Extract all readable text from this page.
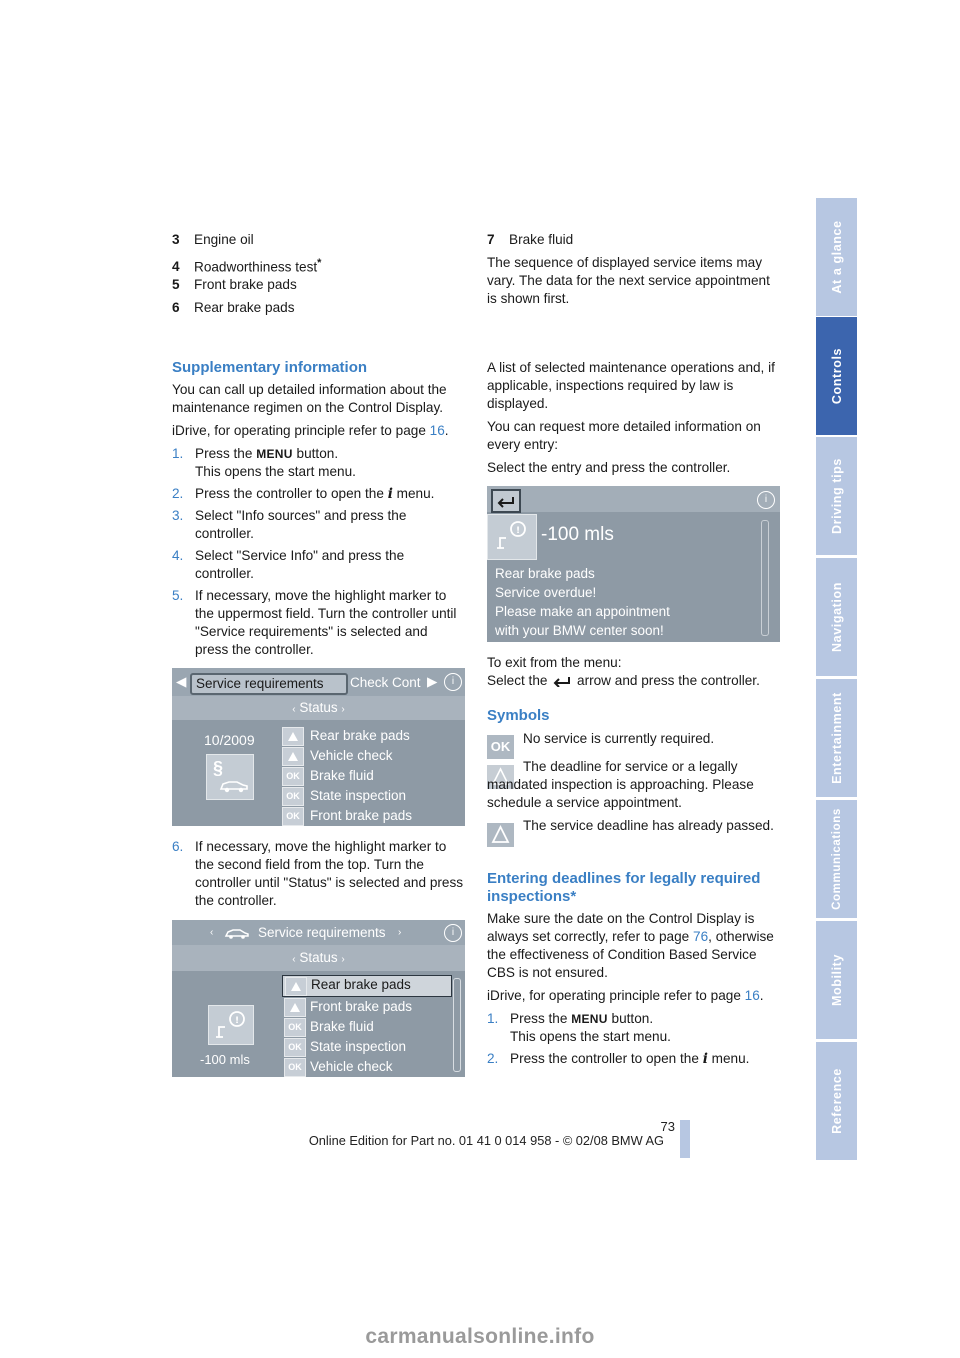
3 Engine oil
4 Roadworthiness test*
5 Front brake pads
6 Rear brake pads
7 Brake fluid

The sequence of displayed service items may vary. The data for the next service appointment is shown first.

Supplementary information

You can call up detailed information about the maintenance regimen on the Control Display.

iDrive, for operating principle refer to page 16.

1. Press the MENU button.
This opens the start menu.
2. Press the controller to open the i menu.
3. Select "Info sources" and press the controller.
4. Select "Service Info" and press the controller.
5. If necessary, move the highlight marker to the uppermost field. Turn the controller until "Service requirements" is selected and press the controller.
◀ Service requirements	Check Cont ▶	i
‹ Status ›
10/2009
§
Rear brake pads
Vehicle check
OK Brake fluid
OK State inspection
OK Front brake pads
6. If necessary, move the highlight marker to the second field from the top. Turn the controller until "Status" is selected and press the controller.
‹	Service requirements ›	i
‹ Status ›
!
-100 mls
Rear brake pads
Front brake pads
OK Brake fluid
OK State inspection
OK Vehicle check

A list of selected maintenance operations and, if applicable, inspections required by law is displayed.

You can request more detailed information on every entry:

Select the entry and press the controller.

i
! -100 mls
Rear brake pads
Service overdue!
Please make an appointment
with your BMW center soon!
To exit from the menu:
Select the  arrow and press the controller.
Symbols
OK
No service is currently required.
The deadline for service or a legally mandated inspection is approaching. Please schedule a service appointment.
The service deadline has already passed.
Entering deadlines for legally required
inspections*

Make sure the date on the Control Display is always set correctly, refer to page 76, otherwise the effectiveness of Condition Based Service CBS is not ensured.

iDrive, for operating principle refer to page 16.

1. Press the MENU button.
This opens the start menu.
2. Press the controller to open the i menu.
At a glance
Controls
Driving tips
Navigation
Entertainment
Communications
Mobility
Reference
73
Online Edition for Part no. 01 41 0 014 958 - © 02/08 BMW AG
carmanualsonline.info
